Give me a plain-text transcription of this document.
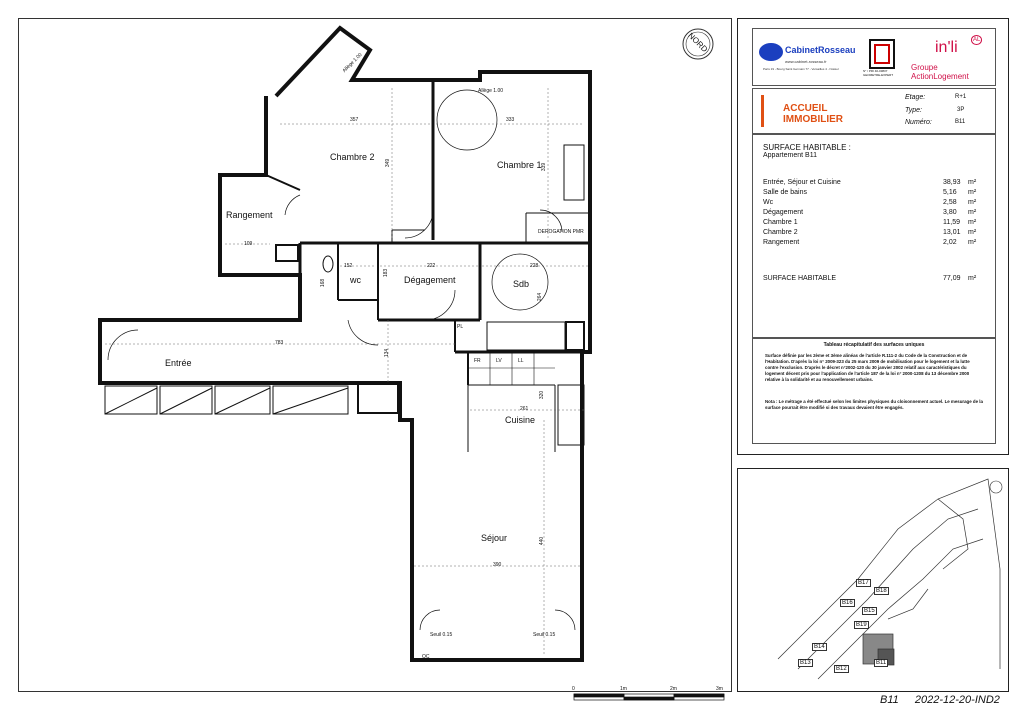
NORD
Chambre 2
Chambre 1
Rangement
wc	Dégagement	Sdb
Entrée
Cuisine
Séjour
357
349
333
339
109
152	222	228
168
183
264
783
134
261
320
390
440
Allège 1.00
Allège 1.00
DEROGATION PMR
Seuil 0.15	Seuil 0.15
PL
FR	LV	LL
OC
0	1m	2m	3m
CabinetRosseau
www.cabinet-rosseau.fr
Paris 19 - Bourg Saint Germain 77 - Versailles 4 - Noisiel	N° / PRI 40-03837 GEOMETRE-EXPERT
in'li	AL
Groupe ActionLogement
ACCUEIL
IMMOBILIER
Etage:	R+1
Type:	3P
Numéro:	B11
SURFACE HABITABLE :
Appartement B11
Entrée, Séjour et Cuisine	38,93 m²
Salle de bains	5,16 m²
Wc	2,58 m²
Dégagement	3,80 m²
Chambre 1	11,59 m²
Chambre 2	13,01 m²
Rangement	2,02 m²
SURFACE HABITABLE	77,09 m²
Tableau récapitulatif des surfaces uniques
Surface définie par les 2ème et 3ème alinéas de l'article R.111-2 du Code de la Construction et de l'Habitation. D'après la loi n° 2009-323 du 25 mars 2009 de mobilisation pour le logement et la lutte contre l'exclusion. D'après le décret n°2002-120 du 30 janvier 2002 relatif aux caractéristiques du logement décent pris pour l'application de l'article 187 de la loi n° 2000-1208 du 13 décembre 2000 relative à la solidarité et au renouvellement urbains.
Nota : Le métrage a été effectué selon les limites physiques du cloisonnement actuel. Le mesurage de la surface pourrait être modifié si des travaux devaient être engagés.
B17
B18
B16
B15
B19
B14
B13
B12
B11
B11 2022-12-20-IND2
